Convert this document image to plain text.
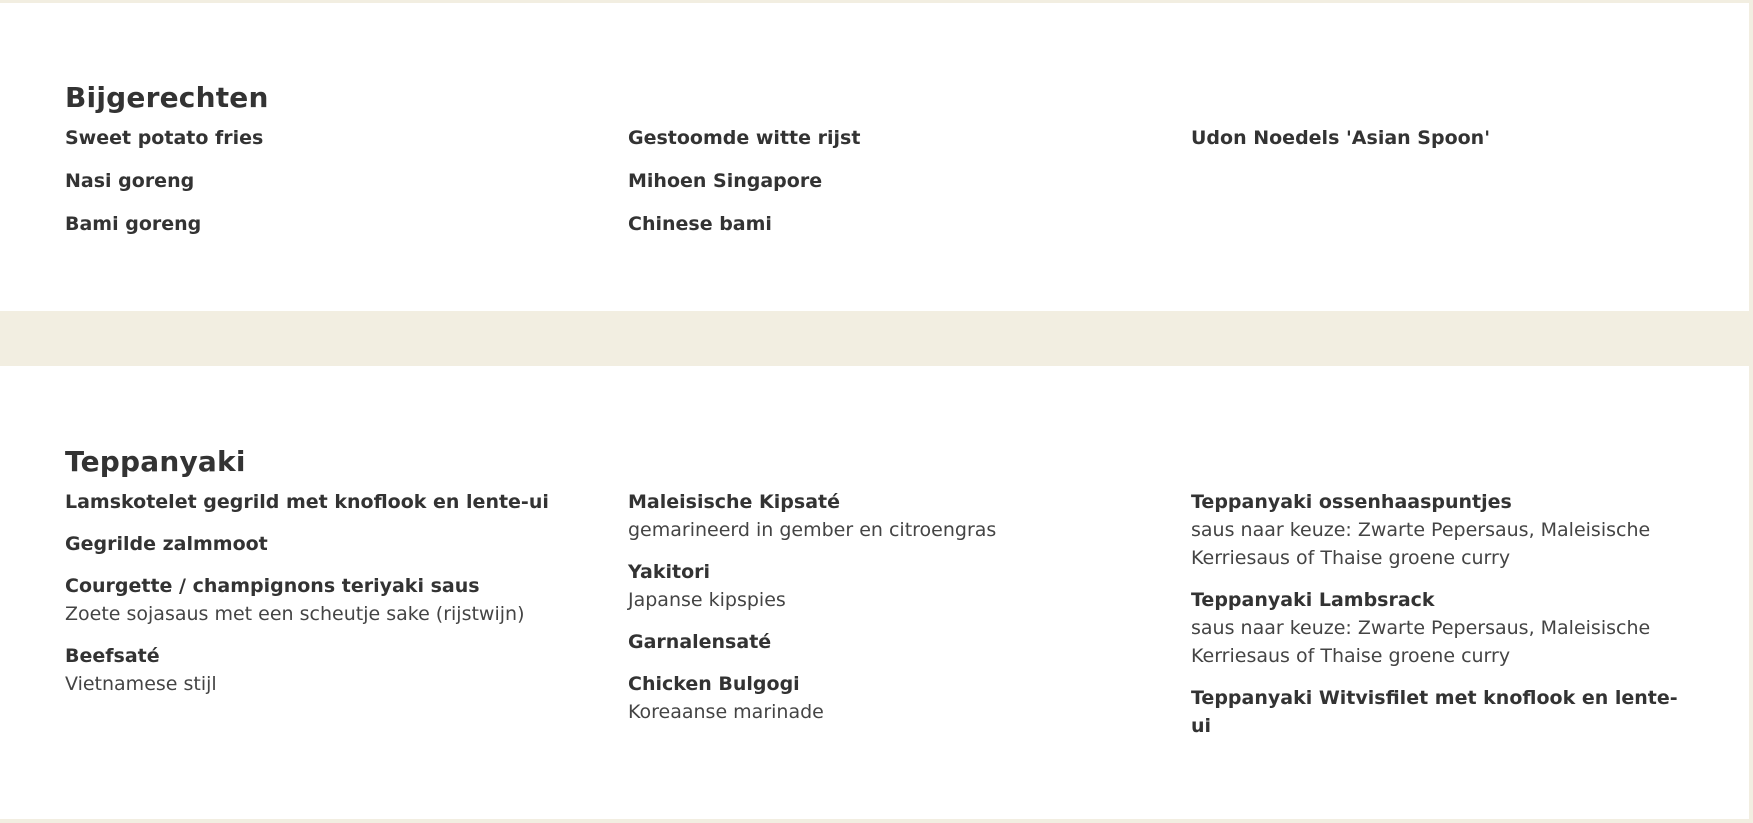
Bijgerechten
Sweet potato fries
Nasi goreng
Bami goreng
Gestoomde witte rijst
Mihoen Singapore
Chinese bami
Udon Noedels 'Asian Spoon'
Teppanyaki
Lamskotelet gegrild met knoflook en lente-ui
Gegrilde zalmmoot
Courgette / champignons teriyaki saus
Zoete sojasaus met een scheutje sake (rijstwijn)
Beefsaté
Vietnamese stijl
Maleisische Kipsaté
gemarineerd in gember en citroengras
Yakitori
Japanse kipspies
Garnalensaté
Chicken Bulgogi
Koreaanse marinade
Teppanyaki ossenhaaspuntjes
saus naar keuze: Zwarte Pepersaus, Maleisische Kerriesaus of Thaise groene curry
Teppanyaki Lambsrack
saus naar keuze: Zwarte Pepersaus, Maleisische Kerriesaus of Thaise groene curry
Teppanyaki Witvisfilet met knoflook en lente-ui
